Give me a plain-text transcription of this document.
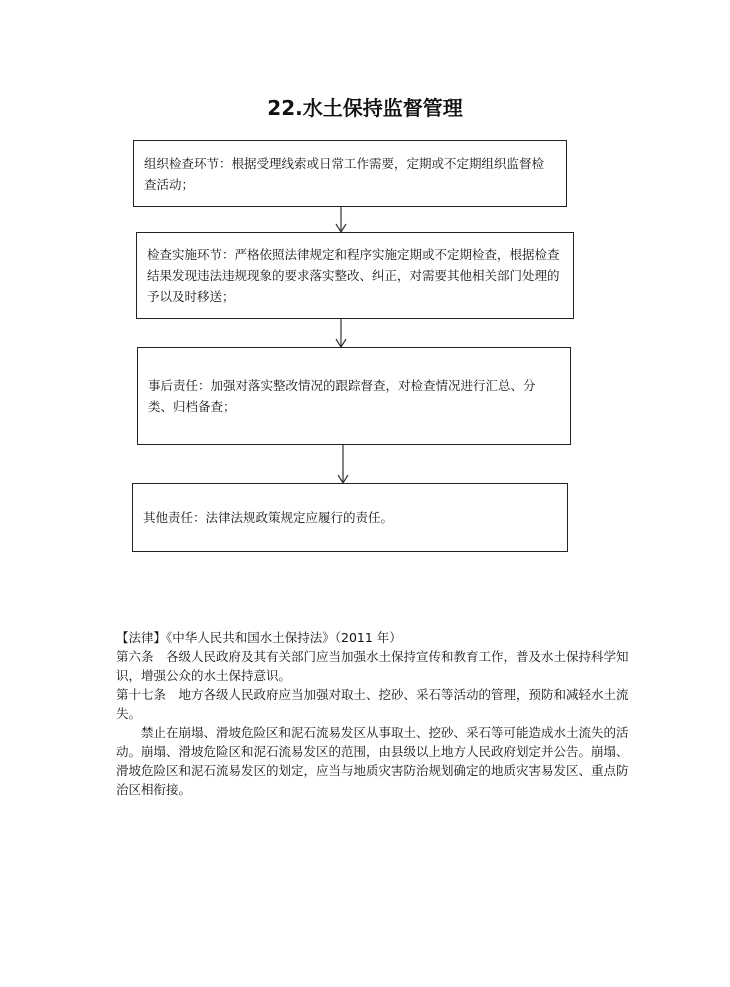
22.水土保持监督管理
组织检查环节：根据受理线索或日常工作需要，定期或不定期组织监督检查活动；
检查实施环节：严格依照法律规定和程序实施定期或不定期检查，根据检查结果发现违法违规现象的要求落实整改、纠正，对需要其他相关部门处理的予以及时移送；
事后责任：加强对落实整改情况的跟踪督查，对检查情况进行汇总、分类、归档备查；
其他责任：法律法规政策规定应履行的责任。

【法律】《中华人民共和国水土保持法》（2011 年）

第六条　各级人民政府及其有关部门应当加强水土保持宣传和教育工作，普及水土保持科学知识，增强公众的水土保持意识。

第十七条　地方各级人民政府应当加强对取土、挖砂、采石等活动的管理，预防和减轻水土流失。

禁止在崩塌、滑坡危险区和泥石流易发区从事取土、挖砂、采石等可能造成水土流失的活动。崩塌、滑坡危险区和泥石流易发区的范围，由县级以上地方人民政府划定并公告。崩塌、滑坡危险区和泥石流易发区的划定，应当与地质灾害防治规划确定的地质灾害易发区、重点防治区相衔接。
